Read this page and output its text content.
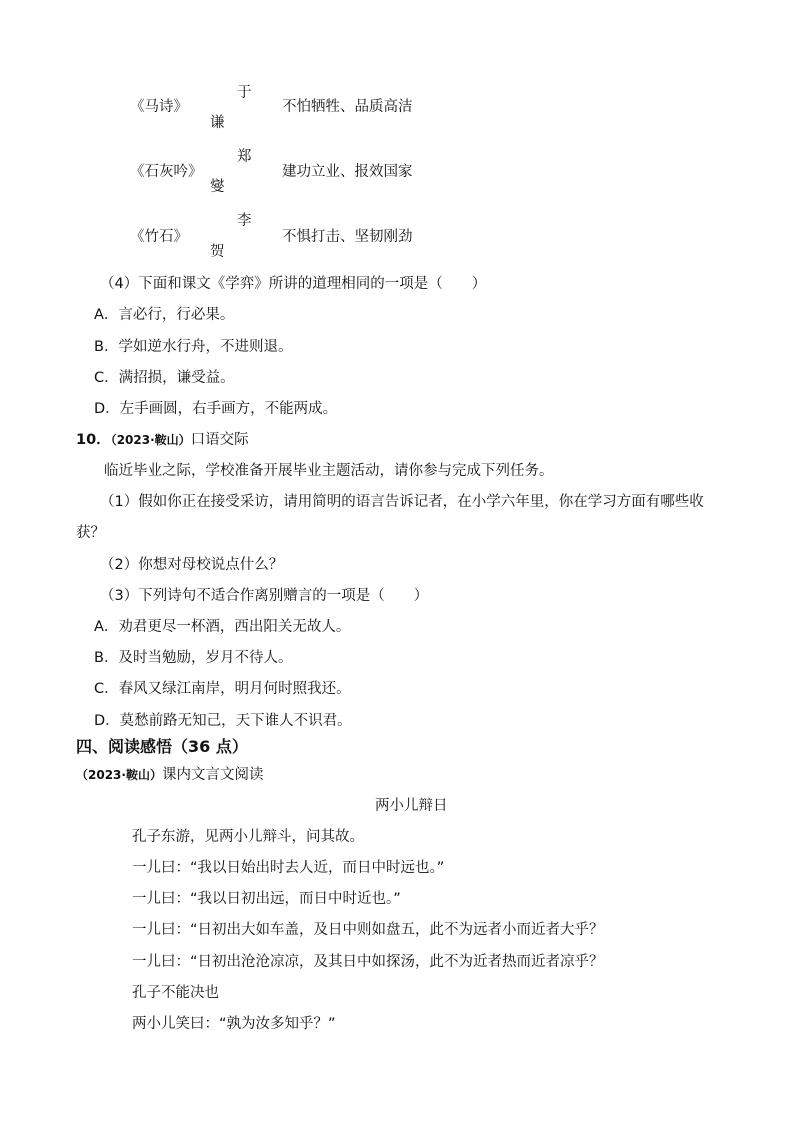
《马诗》
于
谦
不怕牺牲、品质高洁
《石灰吟》
郑
燮
建功立业、报效国家
《竹石》
李
贺
不惧打击、坚韧刚劲
（4）下面和课文《学弈》所讲的道理相同的一项是（　　）
A．言必行，行必果。
B．学如逆水行舟，不进则退。
C．满招损，谦受益。
D．左手画圆，右手画方，不能两成。
10．（2023·鞍山）口语交际
临近毕业之际，学校准备开展毕业主题活动，请你参与完成下列任务。
（1）假如你正在接受采访，请用简明的语言告诉记者，在小学六年里，你在学习方面有哪些收
获？
（2）你想对母校说点什么？
（3）下列诗句不适合作离别赠言的一项是（　　）
A．劝君更尽一杯酒，西出阳关无故人。
B．及时当勉励，岁月不待人。
C．春风又绿江南岸，明月何时照我还。
D．莫愁前路无知己，天下谁人不识君。
四、阅读感悟（36 点）
（2023·鞍山）课内文言文阅读
两小儿辩日
孔子东游，见两小儿辩斗，问其故。
一儿曰：“我以日始出时去人近，而日中时远也。”
一儿曰：“我以日初出远，而日中时近也。”
一儿曰：“日初出大如车盖，及日中则如盘五，此不为远者小而近者大乎？
一儿曰：“日初出沧沧凉凉，及其日中如探汤，此不为近者热而近者凉乎？
孔子不能决也
两小儿笑曰：“孰为汝多知乎？”
